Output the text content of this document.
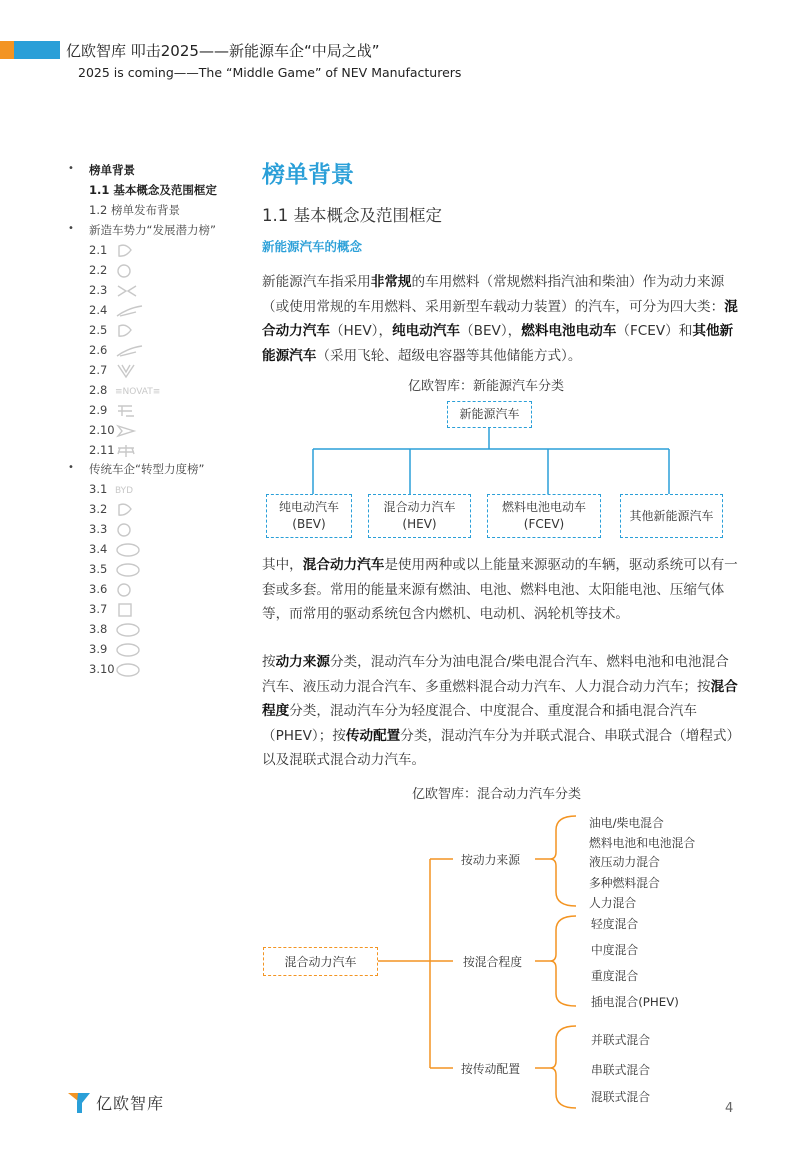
亿欧智库 叩击2025——新能源车企“中局之战”
2025 is coming——The “Middle Game” of NEV Manufacturers
• 榜单背景
1.1 基本概念及范围框定
1.2 榜单发布背景
• 新造车势力“发展潜力榜”
2.1
2.2
2.3
2.4
2.5
2.6
2.7
2.8 ≡NOVAT≡
2.9
2.10
2.11
• 传统车企“转型力度榜”
3.1 BYD
3.2
3.3
3.4
3.5
3.6
3.7
3.8
3.9
3.10
榜单背景
1.1 基本概念及范围框定
新能源汽车的概念
新能源汽车指采用非常规的车用燃料（常规燃料指汽油和柴油）作为动力来源（或使用常规的车用燃料、采用新型车载动力装置）的汽车，可分为四大类：混合动力汽车（HEV），纯电动汽车（BEV），燃料电池电动车（FCEV）和其他新能源汽车（采用飞轮、超级电容器等其他储能方式）。
亿欧智库：新能源汽车分类
新能源汽车
纯电动汽车
(BEV)
混合动力汽车
(HEV)
燃料电池电动车
(FCEV)
其他新能源汽车
其中，混合动力汽车是使用两种或以上能量来源驱动的车辆，驱动系统可以有一套或多套。常用的能量来源有燃油、电池、燃料电池、太阳能电池、压缩气体等，而常用的驱动系统包含内燃机、电动机、涡轮机等技术。
按动力来源分类，混动汽车分为油电混合/柴电混合汽车、燃料电池和电池混合汽车、液压动力混合汽车、多重燃料混合动力汽车、人力混合动力汽车；按混合程度分类，混动汽车分为轻度混合、中度混合、重度混合和插电混合汽车（PHEV）；按传动配置分类，混动汽车分为并联式混合、串联式混合（增程式）以及混联式混合动力汽车。
亿欧智库：混合动力汽车分类
混合动力汽车
按动力来源
按混合程度
按传动配置
油电/柴电混合
燃料电池和电池混合
液压动力混合
多种燃料混合
人力混合
轻度混合
中度混合
重度混合
插电混合(PHEV)
并联式混合
串联式混合
混联式混合
亿欧智库	4
